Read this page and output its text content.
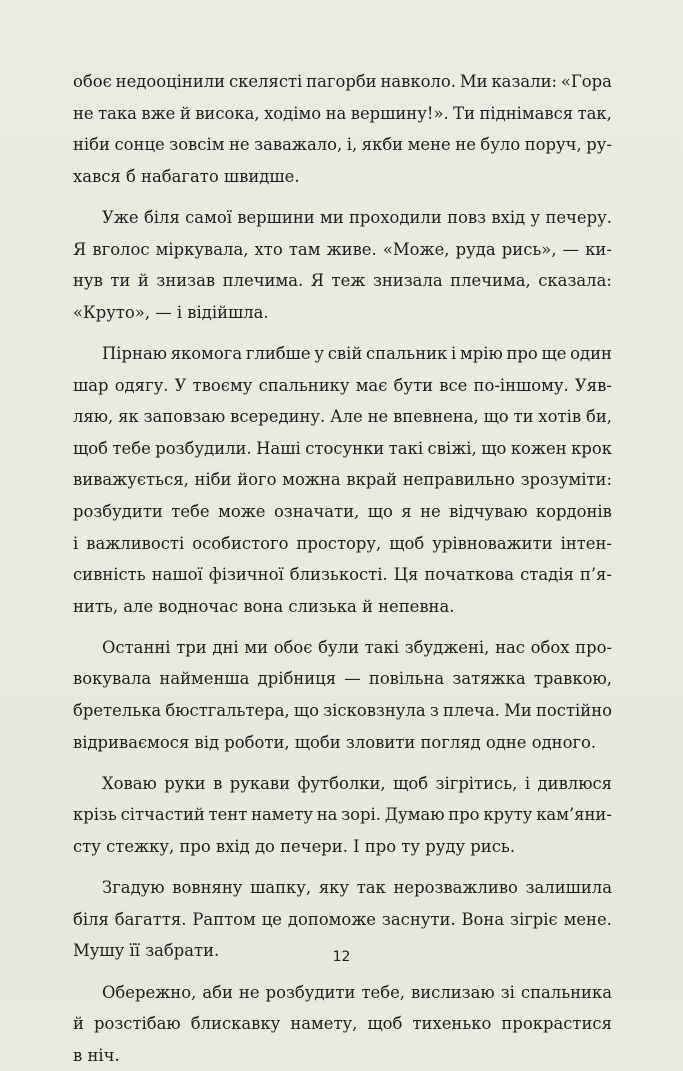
обоє недооцінили скелясті пагорби навколо. Ми казали: «Гора
не така вже й висока, ходімо на вершину!». Ти піднімався так,
ніби сонце зовсім не заважало, і, якби мене не було поруч, ру-
хався б набагато швидше.
Уже біля самої вершини ми проходили повз вхід у печеру.
Я вголос міркувала, хто там живе. «Може, руда рись», — ки-
нув ти й знизав плечима. Я теж знизала плечима, сказала:
«Круто», — і відійшла.
Пірнаю якомога глибше у свій спальник і мрію про ще один
шар одягу. У твоєму спальнику має бути все по-іншому. Уяв-
ляю, як заповзаю всередину. Але не впевнена, що ти хотів би,
щоб тебе розбудили. Наші стосунки такі свіжі, що кожен крок
виважується, ніби його можна вкрай неправильно зрозуміти:
розбудити тебе може означати, що я не відчуваю кордонів
і важливості особистого простору, щоб урівноважити інтен-
сивність нашої фізичної близькості. Ця початкова стадія п’я-
нить, але водночас вона слизька й непевна.
Останні три дні ми обоє були такі збуджені, нас обох про-
вокувала найменша дрібниця — повільна затяжка травкою,
бретелька бюстгальтера, що зісковзнула з плеча. Ми постійно
відриваємося від роботи, щоби зловити погляд одне одного.
Ховаю руки в рукави футболки, щоб зігрітись, і дивлюся
крізь сітчастий тент намету на зорі. Думаю про круту кам’яни-
сту стежку, про вхід до печери. І про ту руду рись.
Згадую вовняну шапку, яку так нерозважливо залишила
біля багаття. Раптом це допоможе заснути. Вона зігріє мене.
Мушу її забрати.
Обережно, аби не розбудити тебе, вислизаю зі спальника
й розстібаю блискавку намету, щоб тихенько прокрастися
в ніч.
12
